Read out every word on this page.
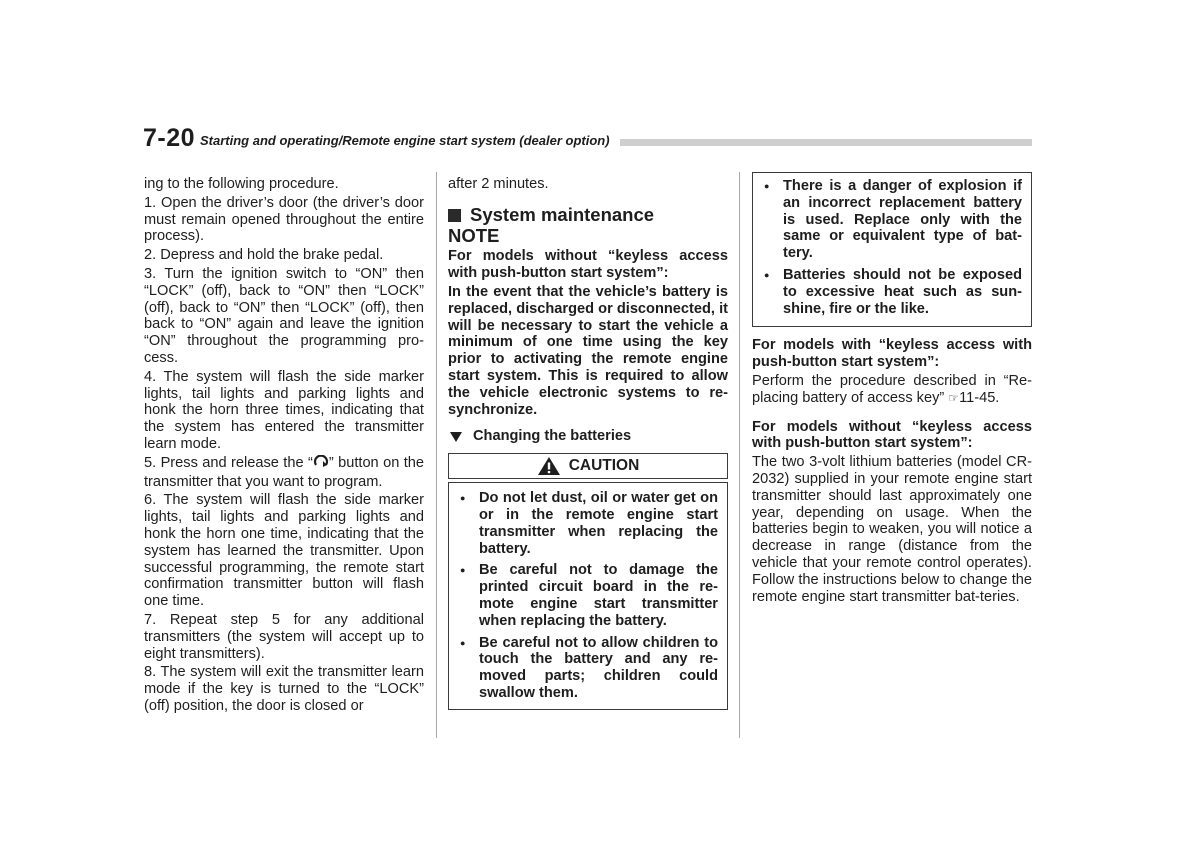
7-20 Starting and operating/Remote engine start system (dealer option)

ing to the following procedure.

1. Open the driver’s door (the driver’s door must remain opened throughout the entire process).

2. Depress and hold the brake pedal.

3. Turn the ignition switch to “ON” then “LOCK” (off), back to “ON” then “LOCK” (off), back to “ON” then “LOCK” (off), then back to “ON” again and leave the ignition “ON” throughout the programming pro-cess.

4. The system will flash the side marker lights, tail lights and parking lights and honk the horn three times, indicating that the system has entered the transmitter learn mode.

5. Press and release the “ ” button on the transmitter that you want to program.

6. The system will flash the side marker lights, tail lights and parking lights and honk the horn one time, indicating that the system has learned the transmitter. Upon successful programming, the remote start confirmation transmitter button will flash one time.

7. Repeat step 5 for any additional transmitters (the system will accept up to eight transmitters).

8. The system will exit the transmitter learn mode if the key is turned to the “LOCK” (off) position, the door is closed or

after 2 minutes.

System maintenance
NOTE

For models without “keyless access with push-button start system”:

In the event that the vehicle’s battery is replaced, discharged or disconnected, it will be necessary to start the vehicle a minimum of one time using the key prior to activating the remote engine start system. This is required to allow the vehicle electronic systems to re-synchronize.

Changing the batteries
CAUTION
● Do not let dust, oil or water get on or in the remote engine start transmitter when replacing the battery.
● Be careful not to damage the printed circuit board in the re-mote engine start transmitter when replacing the battery.
● Be careful not to allow children to touch the battery and any re-moved parts; children could swallow them.
● There is a danger of explosion if an incorrect replacement battery is used. Replace only with the same or equivalent type of bat-tery.
● Batteries should not be exposed to excessive heat such as sun-shine, fire or the like.

For models with “keyless access with push-button start system”:

Perform the procedure described in “Re-placing battery of access key” ☞11-45.

For models without “keyless access with push-button start system”:

The two 3-volt lithium batteries (model CR-2032) supplied in your remote engine start transmitter should last approximately one year, depending on usage. When the batteries begin to weaken, you will notice a decrease in range (distance from the vehicle that your remote control operates). Follow the instructions below to change the remote engine start transmitter bat-teries.
